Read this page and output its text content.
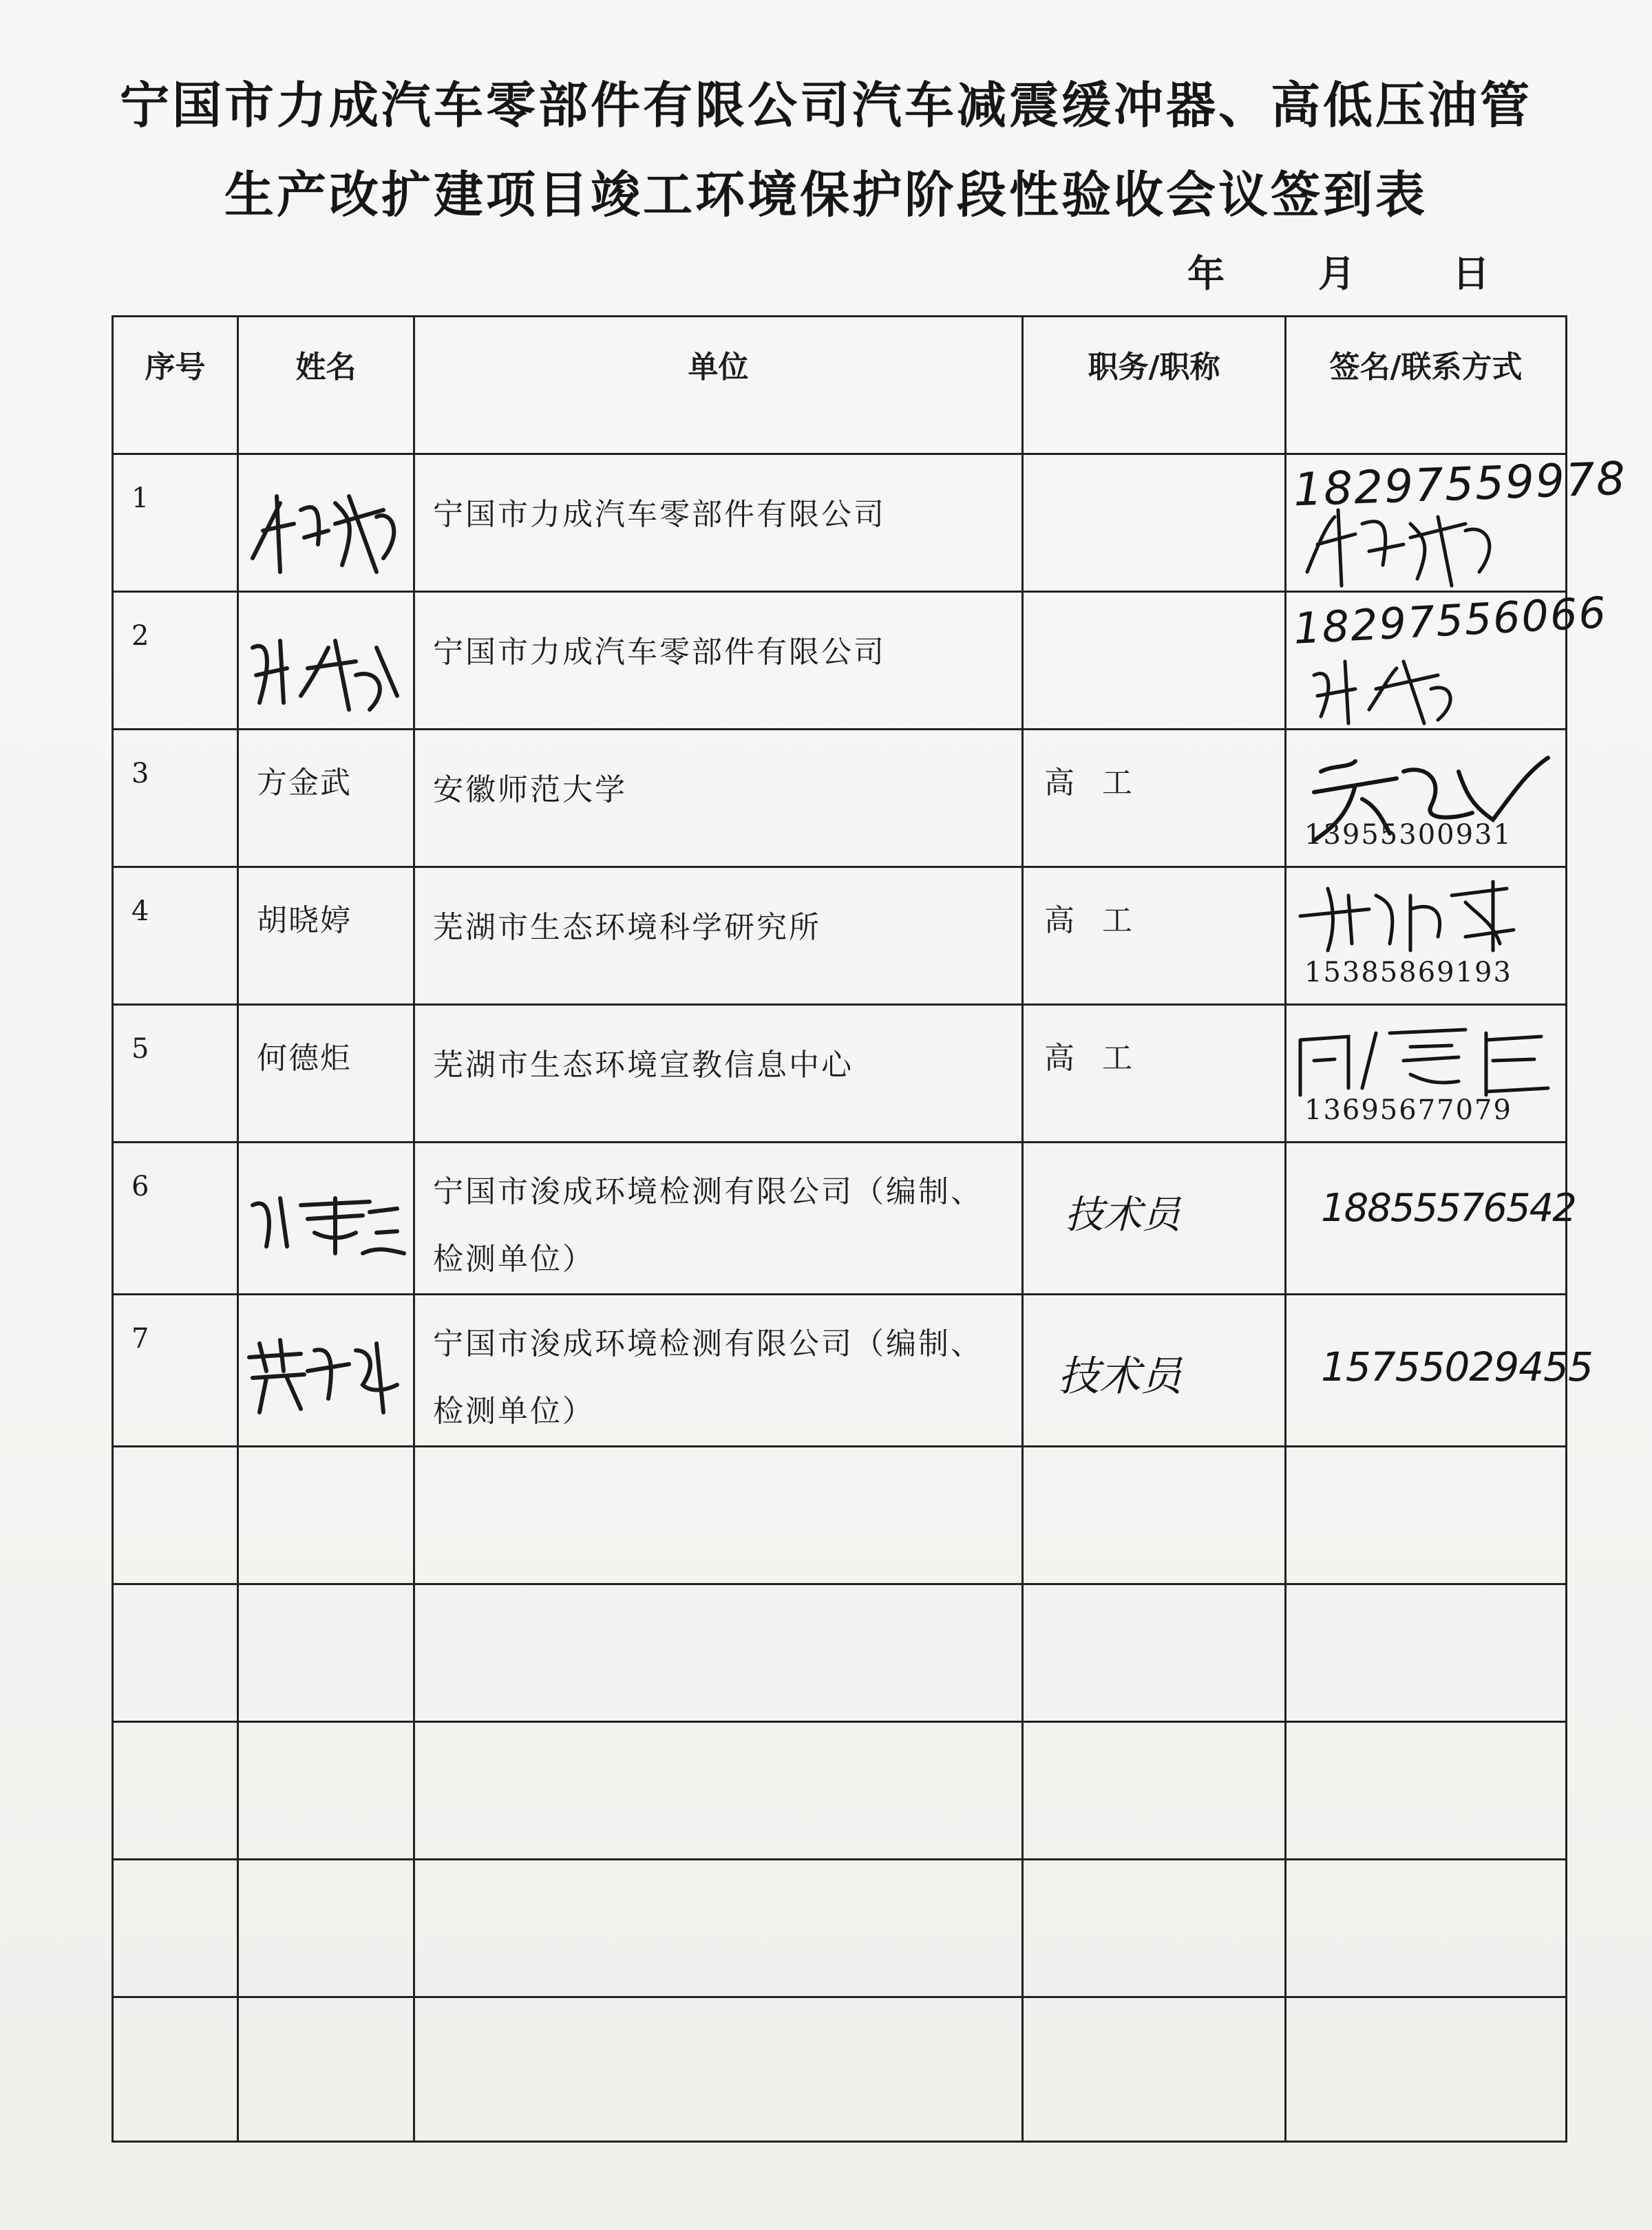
宁国市力成汽车零部件有限公司汽车减震缓冲器、高低压油管
生产改扩建项目竣工环境保护阶段性验收会议签到表
年	月	日
序号	姓名	单位	职务/职称	签名/联系方式

1		宁国市力成汽车零部件有限公司		18297559978

2		宁国市力成汽车零部件有限公司		18297556066

3	方金武	安徽师范大学	高工	13955300931

4	胡晓婷	芜湖市生态环境科学研究所	高工	15385869193

5	何德炬	芜湖市生态环境宣教信息中心	高工	13695677079

6		宁国市浚成环境检测有限公司（编制、
检测单位）	技术员	18855576542

7		宁国市浚成环境检测有限公司（编制、
检测单位）	技术员	15755029455
